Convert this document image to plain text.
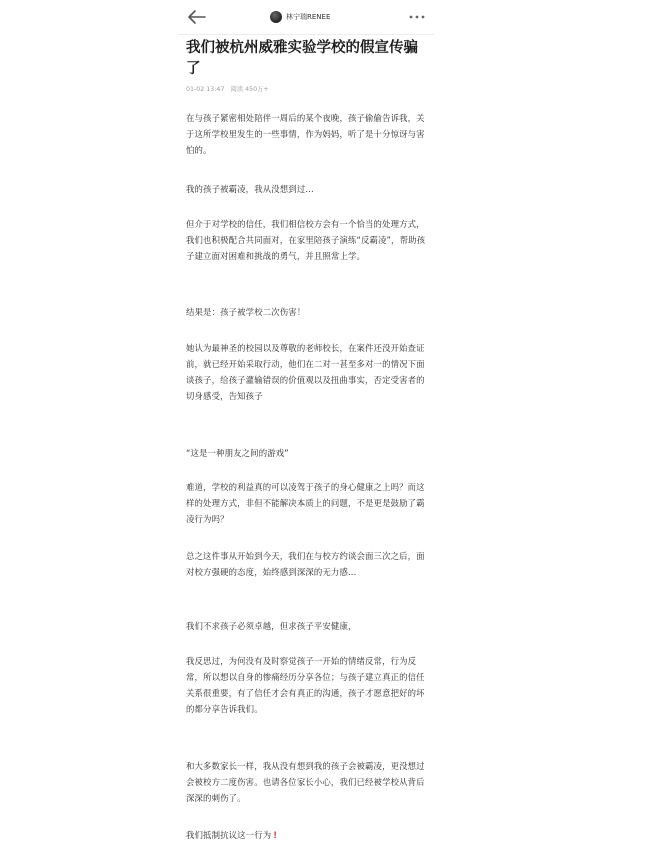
林宁瑞RENEE
我们被杭州威雅实验学校的假宣传骗了
01-02 13:47 阅读 450万+

在与孩子紧密相处陪伴一周后的某个夜晚，孩子偷偷告诉我，关于这所学校里发生的一些事情，作为妈妈，听了是十分惊讶与害怕的。

我的孩子被霸凌，我从没想到过...

但介于对学校的信任，我们相信校方会有一个恰当的处理方式，我们也积极配合共同面对，在家里陪孩子演练“反霸凌”，帮助孩子建立面对困难和挑战的勇气，并且照常上学。

结果是：孩子被学校二次伤害！

她认为最神圣的校园以及尊敬的老师校长，在案件还没开始查证前，就已经开始采取行动，他们在二对一甚至多对一的情况下面谈孩子，给孩子灌输错误的价值观以及扭曲事实，否定受害者的切身感受，告知孩子

“这是一种朋友之间的游戏”

难道，学校的利益真的可以凌驾于孩子的身心健康之上吗？而这样的处理方式，非但不能解决本质上的问题，不是更是鼓励了霸凌行为吗？

总之这件事从开始到今天，我们在与校方约谈会面三次之后，面对校方强硬的态度，始终感到深深的无力感...

我们不求孩子必须卓越，但求孩子平安健康，

我反思过，为何没有及时察觉孩子一开始的情绪反常，行为反常，所以想以自身的惨痛经历分享各位；与孩子建立真正的信任关系很重要，有了信任才会有真正的沟通，孩子才愿意把好的坏的都分享告诉我们。

和大多数家长一样，我从没有想到我的孩子会被霸凌，更没想过会被校方二度伤害。也请各位家长小心，我们已经被学校从背后深深的刺伤了。

我们抵制抗议这一行为 !
